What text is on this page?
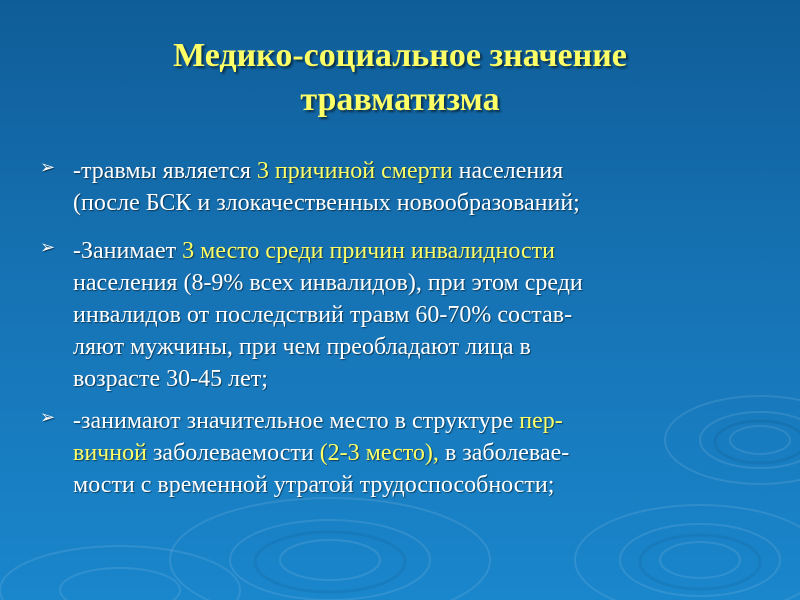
Медико-социальное значение
травматизма
➢ -травмы является 3 причиной смерти населения
(после БСК и злокачественных новообразований;
➢ -Занимает 3 место среди причин инвалидности
населения (8-9% всех инвалидов), при этом среди
инвалидов от последствий травм 60-70% состав-
ляют мужчины, при чем преобладают лица в
возрасте 30-45 лет;
➢ -занимают значительное место в структуре пер-
вичной заболеваемости (2-3 место), в заболевае-
мости с временной утратой трудоспособности;
